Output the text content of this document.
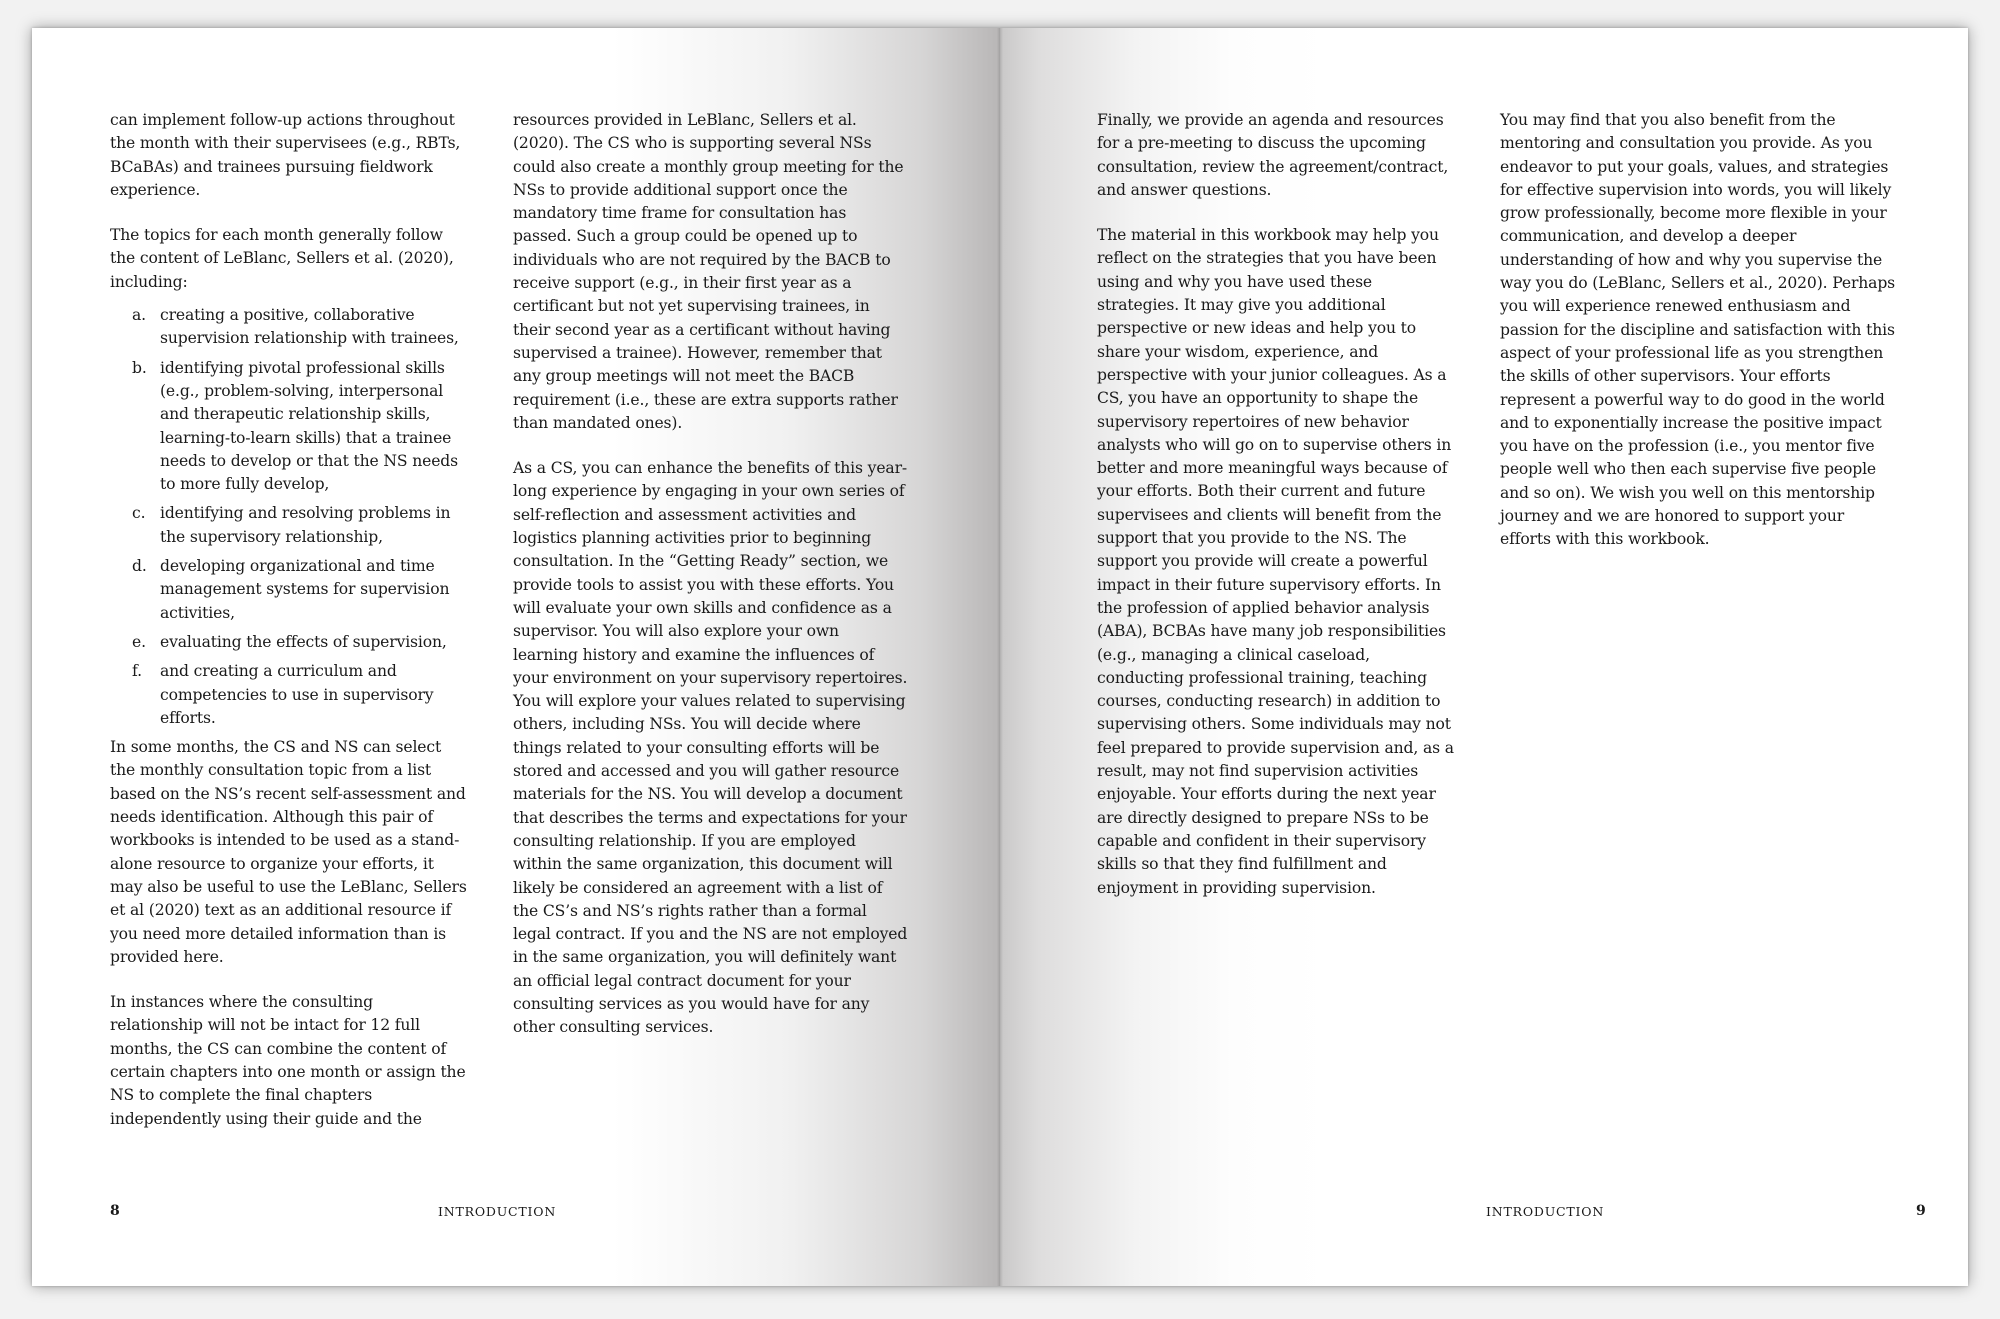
can implement follow-up actions throughout the month with their supervisees (e.g., RBTs, BCaBAs) and trainees pursuing fieldwork experience.

The topics for each month generally follow the content of LeBlanc, Sellers et al. (2020), including:

a. creating a positive, collaborative supervision relationship with trainees,
b. identifying pivotal professional skills (e.g., problem-solving, interpersonal and therapeutic relationship skills, learning-to-learn skills) that a trainee needs to develop or that the NS needs to more fully develop,
c. identifying and resolving problems in the supervisory relationship,
d. developing organizational and time management systems for supervision activities,
e. evaluating the effects of supervision,
f. and creating a curriculum and competencies to use in supervisory efforts.

In some months, the CS and NS can select the monthly consultation topic from a list based on the NS’s recent self-assessment and needs identification. Although this pair of workbooks is intended to be used as a stand-alone resource to organize your efforts, it may also be useful to use the LeBlanc, Sellers et al (2020) text as an additional resource if you need more detailed information than is provided here.

In instances where the consulting relationship will not be intact for 12 full months, the CS can combine the content of certain chapters into one month or assign the NS to complete the final chapters independently using their guide and the

resources provided in LeBlanc, Sellers et al. (2020). The CS who is supporting several NSs could also create a monthly group meeting for the NSs to provide additional support once the mandatory time frame for consultation has passed. Such a group could be opened up to individuals who are not required by the BACB to receive support (e.g., in their first year as a certificant but not yet supervising trainees, in their second year as a certificant without having supervised a trainee). However, remember that any group meetings will not meet the BACB requirement (i.e., these are extra supports rather than mandated ones).

As a CS, you can enhance the benefits of this year-long experience by engaging in your own series of self-reflection and assessment activities and logistics planning activities prior to beginning consultation. In the “Getting Ready” section, we provide tools to assist you with these efforts. You will evaluate your own skills and confidence as a supervisor. You will also explore your own learning history and examine the influences of your environment on your supervisory repertoires. You will explore your values related to supervising others, including NSs. You will decide where things related to your consulting efforts will be stored and accessed and you will gather resource materials for the NS. You will develop a document that describes the terms and expectations for your consulting relationship. If you are employed within the same organization, this document will likely be considered an agreement with a list of the CS’s and NS’s rights rather than a formal legal contract. If you and the NS are not employed in the same organization, you will definitely want an official legal contract document for your consulting services as you would have for any other consulting services.

8	INTRODUCTION

Finally, we provide an agenda and resources for a pre-meeting to discuss the upcoming consultation, review the agreement/contract, and answer questions.

The material in this workbook may help you reflect on the strategies that you have been using and why you have used these strategies. It may give you additional perspective or new ideas and help you to share your wisdom, experience, and perspective with your junior colleagues. As a CS, you have an opportunity to shape the supervisory repertoires of new behavior analysts who will go on to supervise others in better and more meaningful ways because of your efforts. Both their current and future supervisees and clients will benefit from the support that you provide to the NS. The support you provide will create a powerful impact in their future supervisory efforts. In the profession of applied behavior analysis (ABA), BCBAs have many job responsibilities (e.g., managing a clinical caseload, conducting professional training, teaching courses, conducting research) in addition to supervising others. Some individuals may not feel prepared to provide supervision and, as a result, may not find supervision activities enjoyable. Your efforts during the next year are directly designed to prepare NSs to be capable and confident in their supervisory skills so that they find fulfillment and enjoyment in providing supervision.

You may find that you also benefit from the mentoring and consultation you provide. As you endeavor to put your goals, values, and strategies for effective supervision into words, you will likely grow professionally, become more flexible in your communication, and develop a deeper understanding of how and why you supervise the way you do (LeBlanc, Sellers et al., 2020). Perhaps you will experience renewed enthusiasm and passion for the discipline and satisfaction with this aspect of your professional life as you strengthen the skills of other supervisors. Your efforts represent a powerful way to do good in the world and to exponentially increase the positive impact you have on the profession (i.e., you mentor five people well who then each supervise five people and so on). We wish you well on this mentorship journey and we are honored to support your efforts with this workbook.

INTRODUCTION	9
